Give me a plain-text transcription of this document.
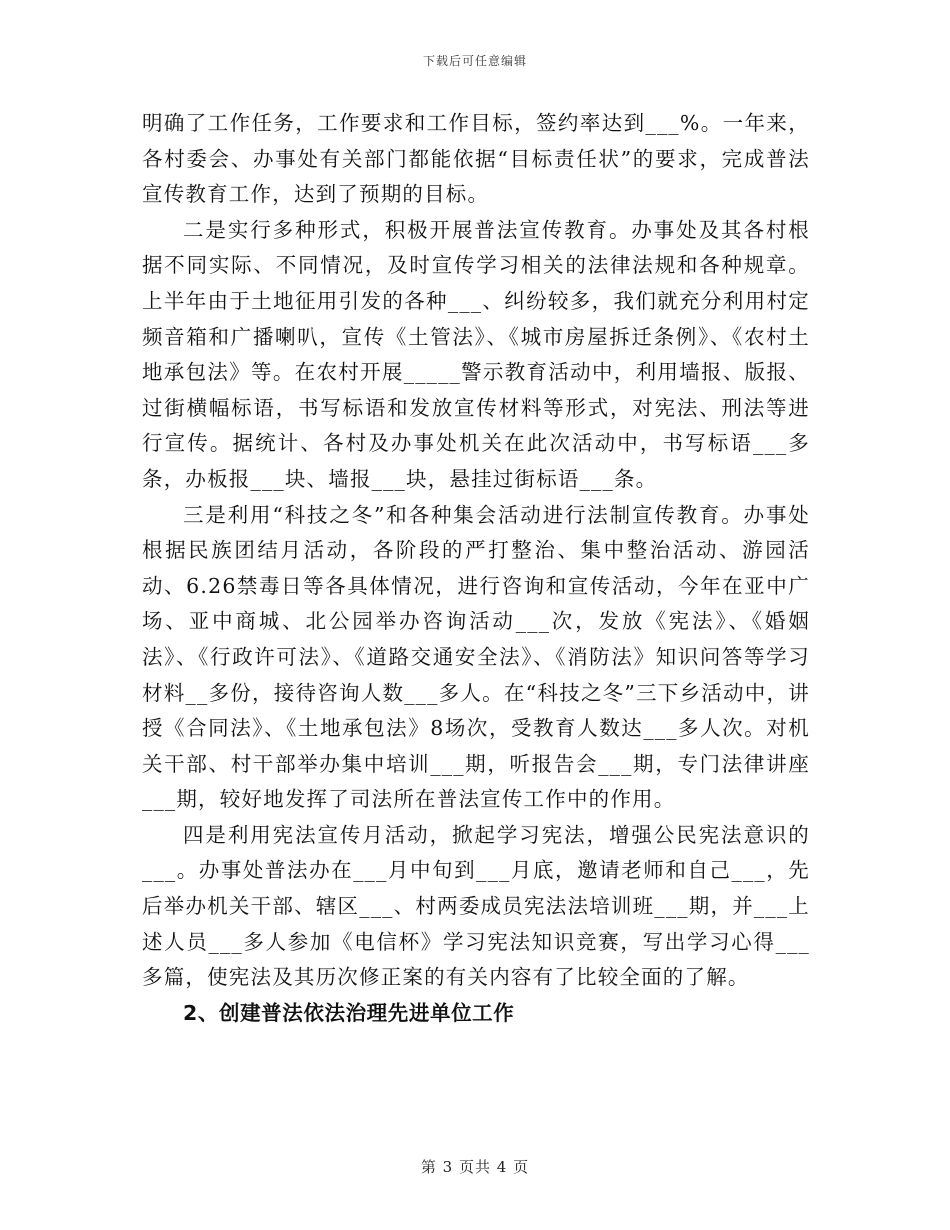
下载后可任意编辑

明确了工作任务，工作要求和工作目标，签约率达到___%。一年来，各村委会、办事处有关部门都能依据“目标责任状”的要求，完成普法宣传教育工作，达到了预期的目标。

二是实行多种形式，积极开展普法宣传教育。办事处及其各村根据不同实际、不同情况，及时宣传学习相关的法律法规和各种规章。上半年由于土地征用引发的各种___、纠纷较多，我们就充分利用村定频音箱和广播喇叭，宣传《土管法》、《城市房屋拆迁条例》、《农村土地承包法》等。在农村开展_____警示教育活动中，利用墙报、版报、过街横幅标语，书写标语和发放宣传材料等形式，对宪法、刑法等进行宣传。据统计、各村及办事处机关在此次活动中，书写标语___多条，办板报___块、墙报___块，悬挂过街标语___条。

三是利用“科技之冬”和各种集会活动进行法制宣传教育。办事处根据民族团结月活动，各阶段的严打整治、集中整治活动、游园活动、6.26禁毒日等各具体情况，进行咨询和宣传活动，今年在亚中广场、亚中商城、北公园举办咨询活动___次，发放《宪法》、《婚姻法》、《行政许可法》、《道路交通安全法》、《消防法》知识问答等学习材料__多份，接待咨询人数___多人。在“科技之冬”三下乡活动中，讲授《合同法》、《土地承包法》8场次，受教育人数达___多人次。对机关干部、村干部举办集中培训___期，听报告会___期，专门法律讲座___期，较好地发挥了司法所在普法宣传工作中的作用。

四是利用宪法宣传月活动，掀起学习宪法，增强公民宪法意识的___。办事处普法办在___月中旬到___月底，邀请老师和自己___，先后举办机关干部、辖区___、村两委成员宪法法培训班___期，并___上述人员___多人参加《电信杯》学习宪法知识竞赛，写出学习心得___多篇，使宪法及其历次修正案的有关内容有了比较全面的了解。

2、创建普法依法治理先进单位工作

第 3 页共 4 页
